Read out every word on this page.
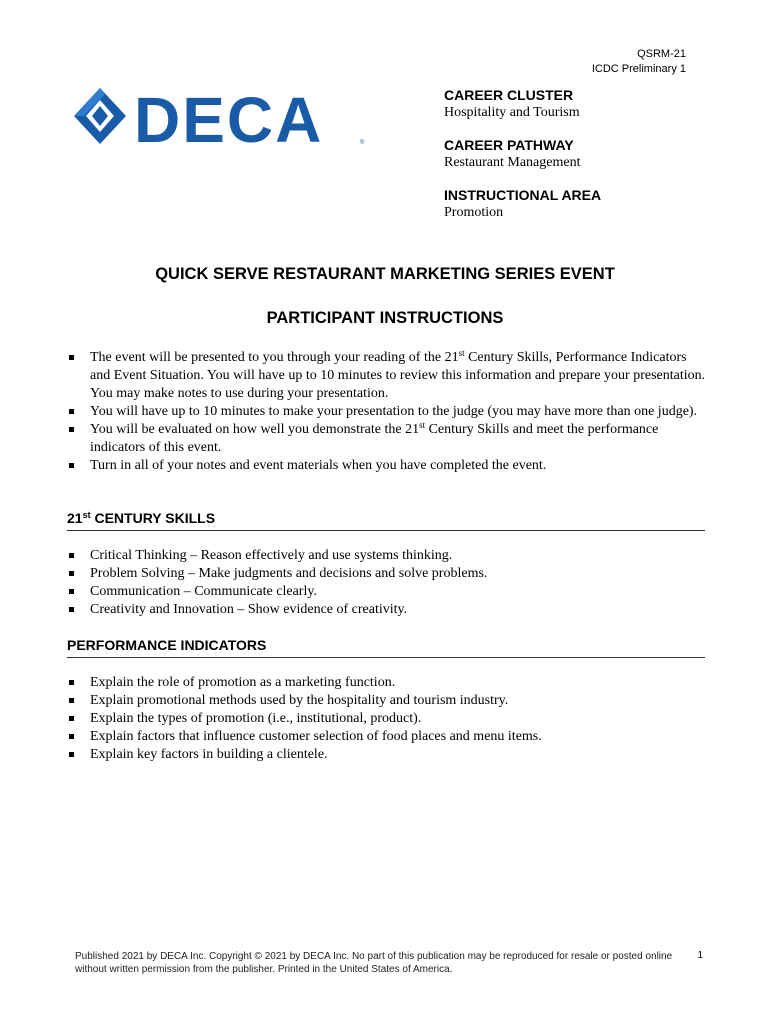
QSRM-21
ICDC Preliminary 1
DECA	®

CAREER CLUSTER

Hospitality and Tourism

CAREER PATHWAY

Restaurant Management

INSTRUCTIONAL AREA

Promotion

QUICK SERVE RESTAURANT MARKETING SERIES EVENT
PARTICIPANT INSTRUCTIONS
The event will be presented to you through your reading of the 21st Century Skills, Performance Indicators and Event Situation. You will have up to 10 minutes to review this information and prepare your presentation. You may make notes to use during your presentation.
You will have up to 10 minutes to make your presentation to the judge (you may have more than one judge).
You will be evaluated on how well you demonstrate the 21st Century Skills and meet the performance indicators of this event.
Turn in all of your notes and event materials when you have completed the event.
21st CENTURY SKILLS
Critical Thinking – Reason effectively and use systems thinking.
Problem Solving – Make judgments and decisions and solve problems.
Communication – Communicate clearly.
Creativity and Innovation – Show evidence of creativity.
PERFORMANCE INDICATORS
Explain the role of promotion as a marketing function.
Explain promotional methods used by the hospitality and tourism industry.
Explain the types of promotion (i.e., institutional, product).
Explain factors that influence customer selection of food places and menu items.
Explain key factors in building a clientele.
Published 2021 by DECA Inc. Copyright © 2021 by DECA Inc. No part of this publication may be reproduced for resale or posted online without written permission from the publisher. Printed in the United States of America.
1
